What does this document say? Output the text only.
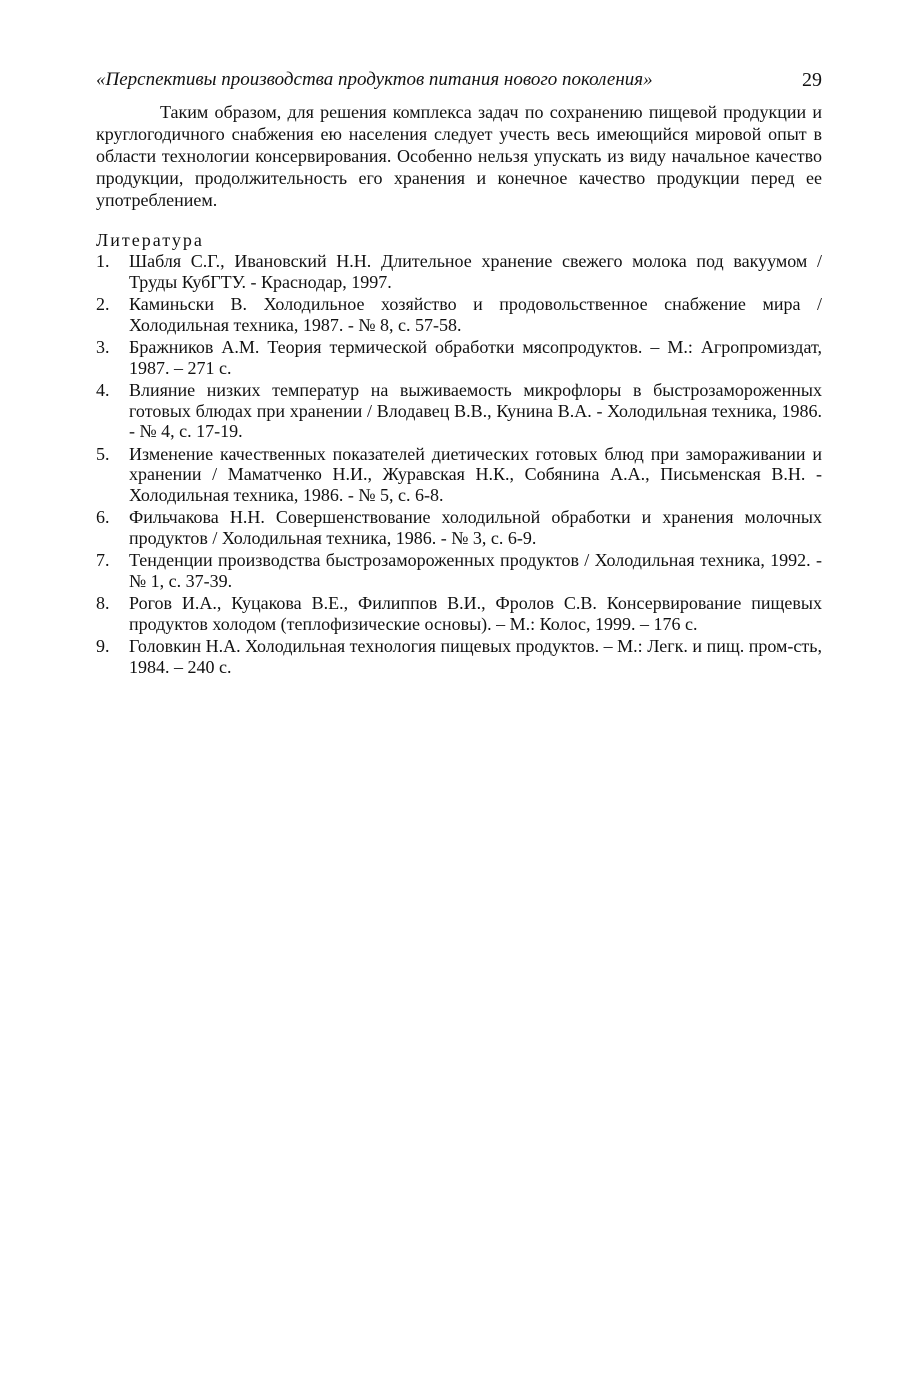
«Перспективы производства продуктов питания нового поколения»	29

Таким образом, для решения комплекса задач по сохранению пищевой продукции и круглогодичного снабжения ею населения следует учесть весь имеющийся мировой опыт в области технологии консервирования. Особенно нельзя упускать из виду начальное качество продукции, продолжительность его хранения и конечное качество продукции перед ее употреблением.

Литература
1. Шабля С.Г., Ивановский Н.Н. Длительное хранение свежего молока под вакуумом / Труды КубГТУ. - Краснодар, 1997.
2. Каминьски В. Холодильное хозяйство и продовольственное снабжение мира / Холодильная техника, 1987. - № 8, с. 57-58.
3. Бражников А.М. Теория термической обработки мясопродуктов. – М.: Агропромиздат, 1987. – 271 с.
4. Влияние низких температур на выживаемость микрофлоры в быстрозамороженных готовых блюдах при хранении / Влодавец В.В., Кунина В.А. - Холодильная техника, 1986. - № 4, с. 17-19.
5. Изменение качественных показателей диетических готовых блюд при замораживании и хранении / Маматченко Н.И., Журавская Н.К., Собянина А.А., Письменская В.Н. - Холодильная техника, 1986. - № 5, с. 6-8.
6. Фильчакова Н.Н. Совершенствование холодильной обработки и хранения молочных продуктов / Холодильная техника, 1986. - № 3, с. 6-9.
7. Тенденции производства быстрозамороженных продуктов / Холодильная техника, 1992. - № 1, с. 37-39.
8. Рогов И.А., Куцакова В.Е., Филиппов В.И., Фролов С.В. Консервирование пищевых продуктов холодом (теплофизические основы). – М.: Колос, 1999. – 176 с.
9. Головкин Н.А. Холодильная технология пищевых продуктов. – М.: Легк. и пищ. пром-сть, 1984. – 240 с.
